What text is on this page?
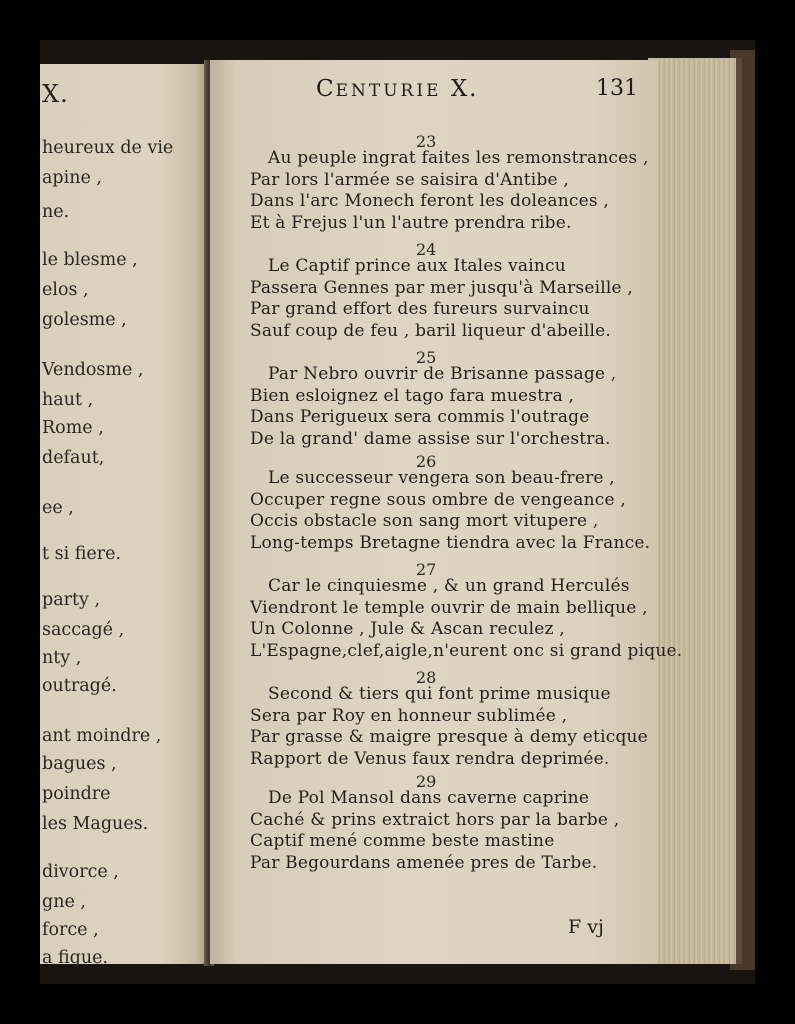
X.
heureux de vie
apine ,
ne.
le blesme ,
elos ,
golesme ,
Vendosme ,
haut ,
Rome ,
defaut,
ee ,
t si fiere.
party ,
saccagé ,
nty ,
outragé.
ant moindre ,
bagues ,
poindre
les Magues.
divorce ,
gne ,
force ,
a figue.
CENTURIE X.	131
23
Au peuple ingrat faites les remonstrances ,
Par lors l'armée se saisira d'Antibe ,
Dans l'arc Monech feront les doleances ,
Et à Frejus l'un l'autre prendra ribe.
24
Le Captif prince aux Itales vaincu
Passera Gennes par mer jusqu'à Marseille ,
Par grand effort des fureurs survaincu
Sauf coup de feu , baril liqueur d'abeille.
25
Par Nebro ouvrir de Brisanne passage ,
Bien esloignez el tago fara muestra ,
Dans Perigueux sera commis l'outrage
De la grand' dame assise sur l'orchestra.
26
Le successeur vengera son beau-frere ,
Occuper regne sous ombre de vengeance ,
Occis obstacle son sang mort vitupere ,
Long-temps Bretagne tiendra avec la France.
27
Car le cinquiesme , & un grand Herculés
Viendront le temple ouvrir de main bellique ,
Un Colonne , Jule & Ascan reculez ,
L'Espagne,clef,aigle,n'eurent onc si grand pique.
28
Second & tiers qui font prime musique
Sera par Roy en honneur sublimée ,
Par grasse & maigre presque à demy eticque
Rapport de Venus faux rendra deprimée.
29
De Pol Mansol dans caverne caprine
Caché & prins extraict hors par la barbe ,
Captif mené comme beste mastine
Par Begourdans amenée pres de Tarbe.
F vj
